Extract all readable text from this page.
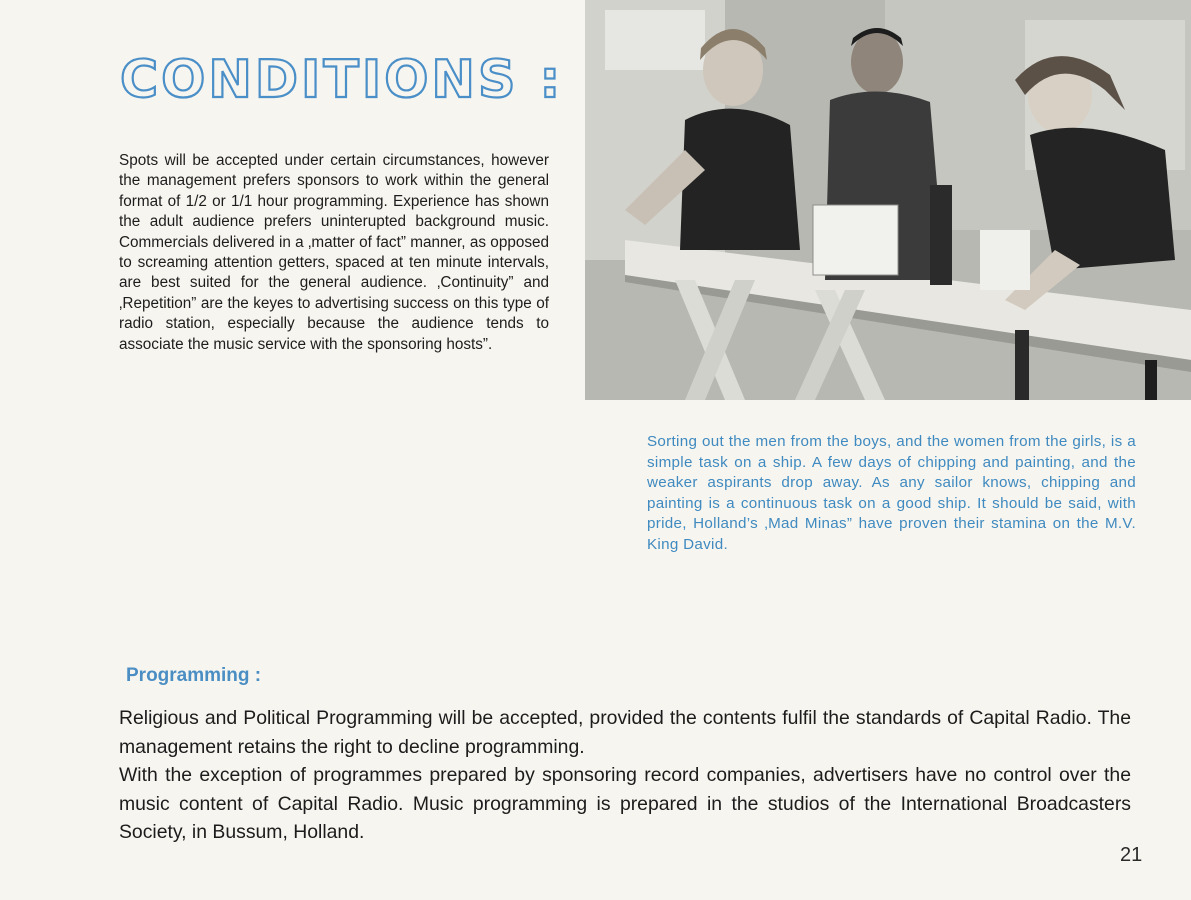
CONDITIONS :
Spots will be accepted under certain circumstances, however the management prefers sponsors to work within the general format of 1/2 or 1/1 hour programming. Experience has shown the adult audience prefers uninterupted background music. Commercials delivered in a ‚matter of fact” manner, as opposed to screaming attention getters, spaced at ten minute intervals, are best suited for the general audience. ‚Continuity” and ‚Repetition” are the keyes to advertising success on this type of radio station, especially because the audience tends to associate the music service with the sponsoring hosts”.
Sorting out the men from the boys, and the women from the girls, is a simple task on a ship. A few days of chipping and painting, and the weaker aspirants drop away. As any sailor knows, chipping and painting is a continuous task on a good ship. It should be said, with pride, Holland’s ‚Mad Minas” have proven their stamina on the M.V. King David.
Programming :

Religious and Political Programming will be accepted, provided the contents fulfil the standards of Capital Radio. The management retains the right to decline programming.

With the exception of programmes prepared by sponsoring record companies, advertisers have no control over the music content of Capital Radio. Music programming is prepared in the studios of the International Broadcasters Society, in Bussum, Holland.

21
